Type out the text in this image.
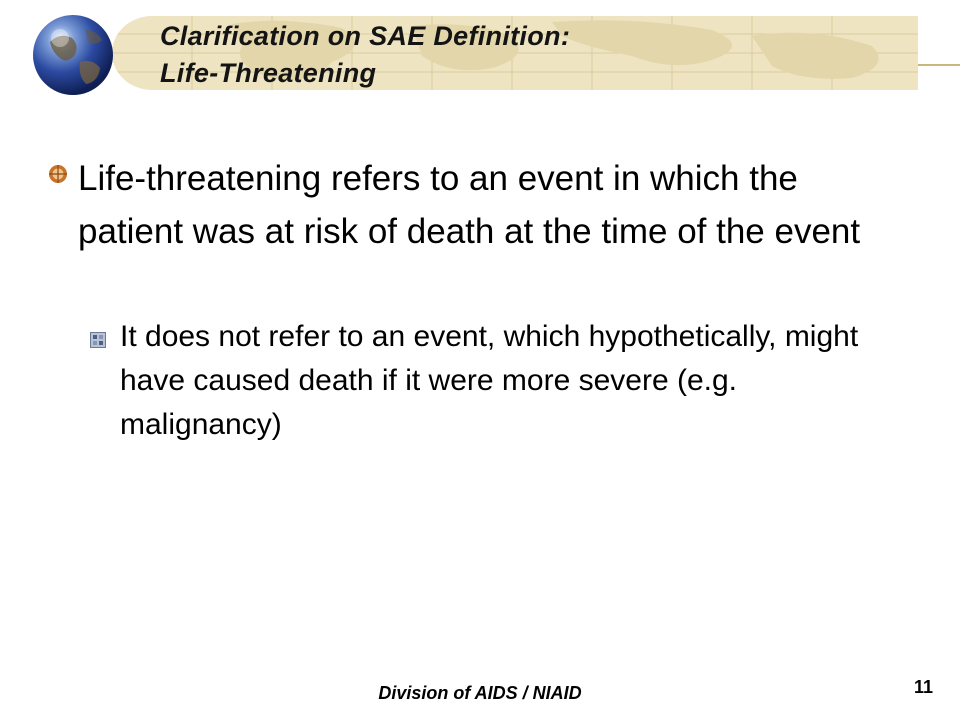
Clarification on SAE Definition:
Life-Threatening
Life-threatening refers to an event in which the patient was at risk of death at the time of the event
It does not refer to an event, which hypothetically, might have caused death if it were more severe (e.g. malignancy)
Division of AIDS / NIAID	11
